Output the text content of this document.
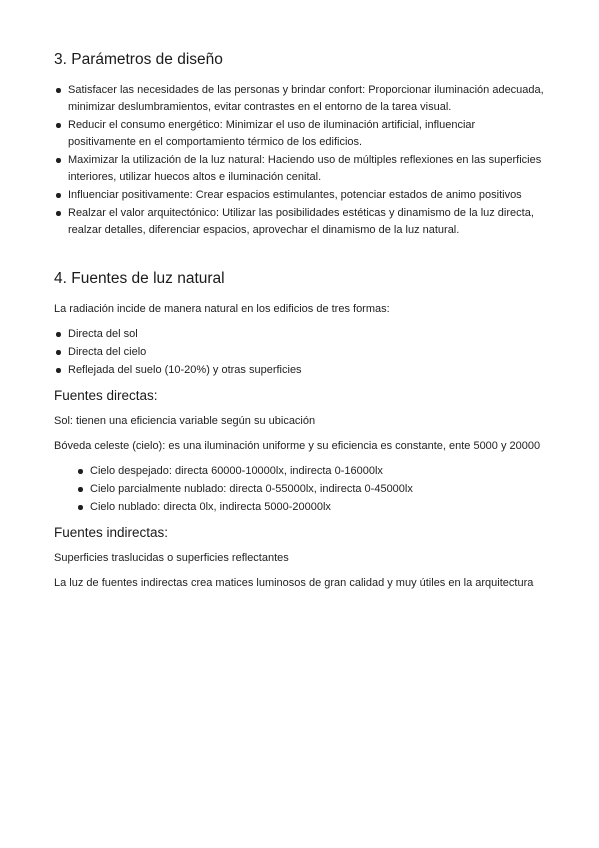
3. Parámetros de diseño
Satisfacer las necesidades de las personas y brindar confort: Proporcionar iluminación adecuada, minimizar deslumbramientos, evitar contrastes en el entorno de la tarea visual.
Reducir el consumo energético: Minimizar el uso de iluminación artificial, influenciar positivamente en el comportamiento térmico de los edificios.
Maximizar la utilización de la luz natural: Haciendo uso de múltiples reflexiones en las superficies interiores, utilizar huecos altos e iluminación cenital.
Influenciar positivamente: Crear espacios estimulantes, potenciar estados de animo positivos
Realzar el valor arquitectónico: Utilizar las posibilidades estéticas y dinamismo de la luz directa, realzar detalles, diferenciar espacios, aprovechar el dinamismo de la luz natural.
4. Fuentes de luz natural

La radiación incide de manera natural en los edificios de tres formas:

Directa del sol
Directa del cielo
Reflejada del suelo (10-20%) y otras superficies
Fuentes directas:

Sol: tienen una eficiencia variable según su ubicación

Bóveda celeste (cielo): es una iluminación uniforme y su eficiencia es constante, ente 5000 y 20000

Cielo despejado: directa 60000-10000lx, indirecta 0-16000lx
Cielo parcialmente nublado: directa 0-55000lx, indirecta 0-45000lx
Cielo nublado: directa 0lx, indirecta 5000-20000lx
Fuentes indirectas:

Superficies traslucidas o superficies reflectantes

La luz de fuentes indirectas crea matices luminosos de gran calidad y muy útiles en la arquitectura
